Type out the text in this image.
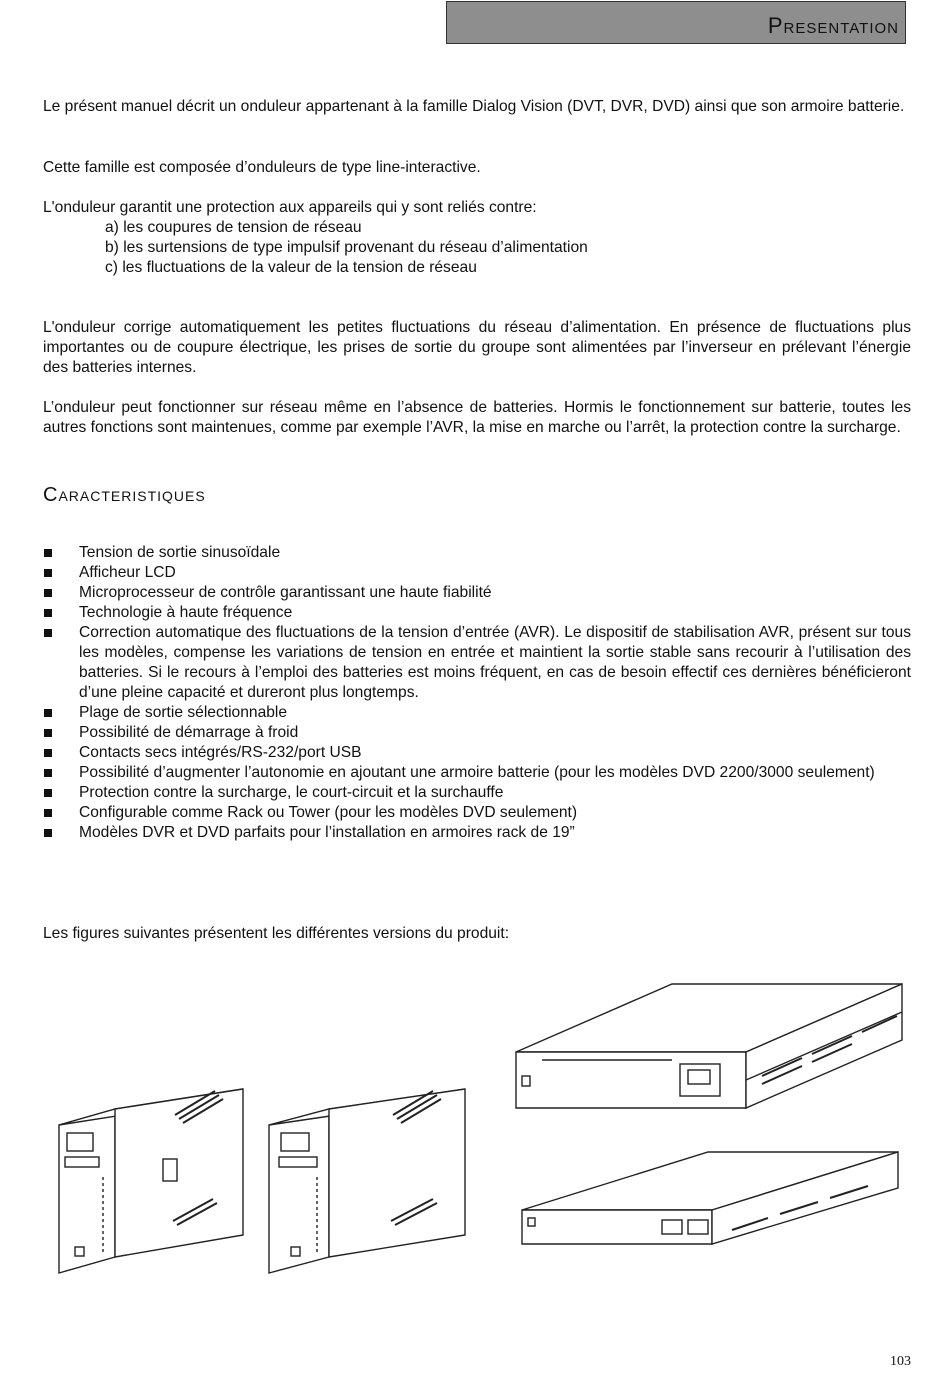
Presentation
Le présent manuel décrit un onduleur appartenant à la famille Dialog Vision (DVT, DVR, DVD) ainsi que son armoire batterie.
Cette famille est composée d’onduleurs de type line-interactive.
L'onduleur garantit une protection aux appareils qui y sont reliés contre:
a) les coupures de tension de réseau
b) les surtensions de type impulsif provenant du réseau d’alimentation
c) les fluctuations de la valeur de la tension de réseau
L'onduleur corrige automatiquement les petites fluctuations du réseau d’alimentation. En présence de fluctuations plus importantes ou de coupure électrique, les prises de sortie du groupe sont alimentées par l’inverseur en prélevant l’énergie des batteries internes.
L’onduleur peut fonctionner sur réseau même en l’absence de batteries. Hormis le fonctionnement sur batterie, toutes les autres fonctions sont maintenues, comme par exemple l’AVR, la mise en marche ou l’arrêt, la protection contre la surcharge.
Caracteristiques
Tension de sortie sinusoïdale
Afficheur LCD
Microprocesseur de contrôle garantissant une haute fiabilité
Technologie à haute fréquence
Correction automatique des fluctuations de la tension d’entrée (AVR). Le dispositif de stabilisation AVR, présent sur tous les modèles, compense les variations de tension en entrée et maintient la sortie stable sans recourir à l’utilisation des batteries. Si le recours à l’emploi des batteries est moins fréquent, en cas de besoin effectif ces dernières bénéficieront d’une pleine capacité et dureront plus longtemps.
Plage de sortie sélectionnable
Possibilité de démarrage à froid
Contacts secs intégrés/RS-232/port USB
Possibilité d’augmenter l’autonomie en ajoutant une armoire batterie (pour les modèles DVD 2200/3000 seulement)
Protection contre la surcharge, le court-circuit et la surchauffe
Configurable comme Rack ou Tower (pour les modèles DVD seulement)
Modèles DVR et DVD parfaits pour l’installation en armoires rack de 19”
Les figures suivantes présentent les différentes versions du produit:
103
